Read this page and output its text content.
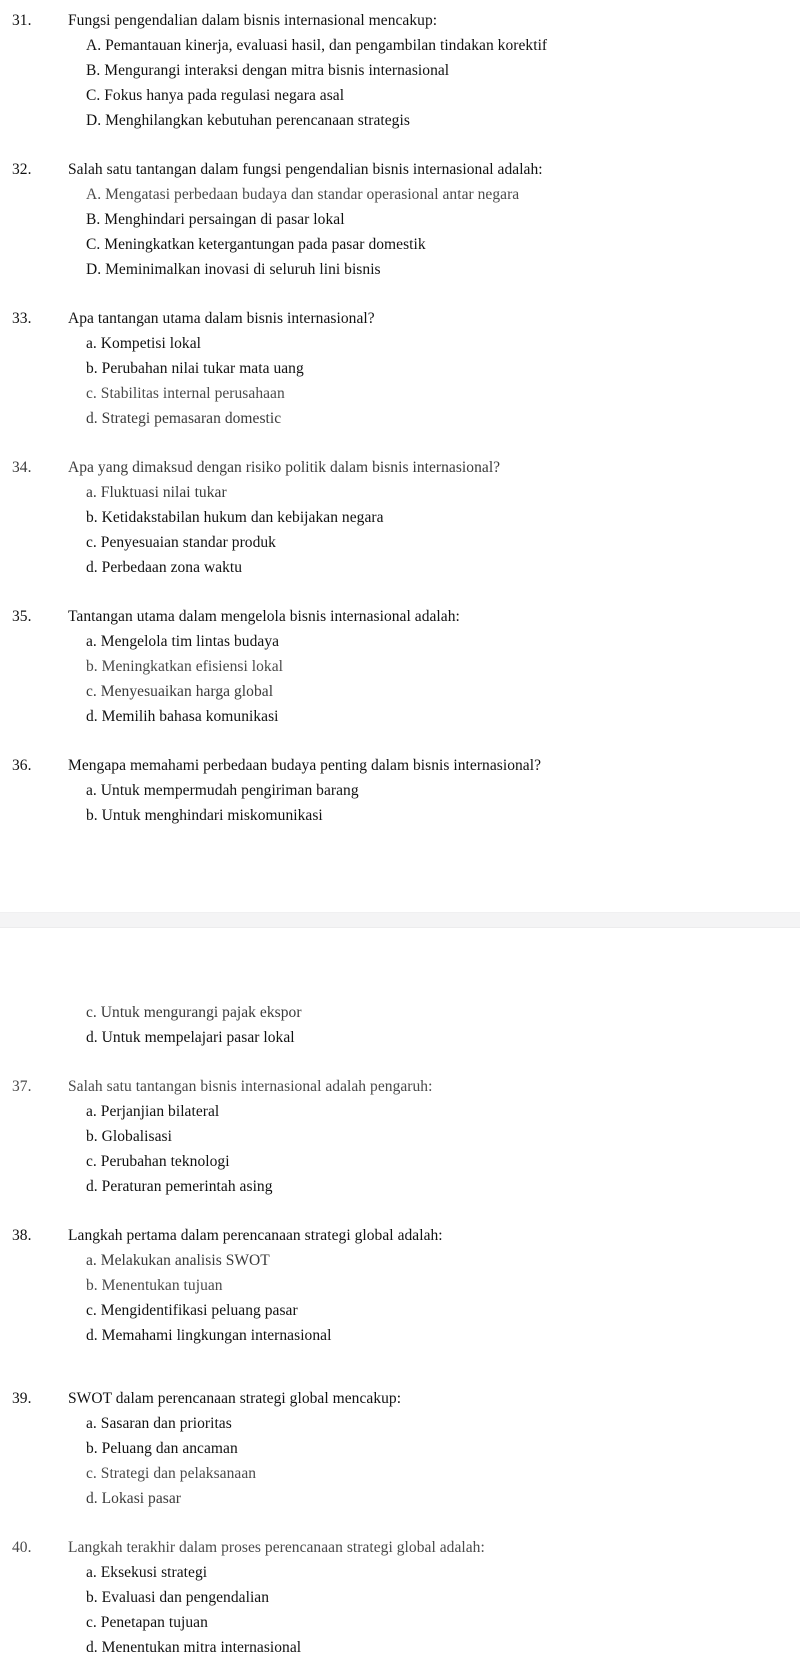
31. Fungsi pengendalian dalam bisnis internasional mencakup:
A. Pemantauan kinerja, evaluasi hasil, dan pengambilan tindakan korektif
B. Mengurangi interaksi dengan mitra bisnis internasional
C. Fokus hanya pada regulasi negara asal
D. Menghilangkan kebutuhan perencanaan strategis
32. Salah satu tantangan dalam fungsi pengendalian bisnis internasional adalah:
A. Mengatasi perbedaan budaya dan standar operasional antar negara
B. Menghindari persaingan di pasar lokal
C. Meningkatkan ketergantungan pada pasar domestik
D. Meminimalkan inovasi di seluruh lini bisnis
33. Apa tantangan utama dalam bisnis internasional?
a. Kompetisi lokal
b. Perubahan nilai tukar mata uang
c. Stabilitas internal perusahaan
d. Strategi pemasaran domestic
34. Apa yang dimaksud dengan risiko politik dalam bisnis internasional?
a. Fluktuasi nilai tukar
b. Ketidakstabilan hukum dan kebijakan negara
c. Penyesuaian standar produk
d. Perbedaan zona waktu
35. Tantangan utama dalam mengelola bisnis internasional adalah:
a. Mengelola tim lintas budaya
b. Meningkatkan efisiensi lokal
c. Menyesuaikan harga global
d. Memilih bahasa komunikasi
36. Mengapa memahami perbedaan budaya penting dalam bisnis internasional?
a. Untuk mempermudah pengiriman barang
b. Untuk menghindari miskomunikasi
c. Untuk mengurangi pajak ekspor
d. Untuk mempelajari pasar lokal
37. Salah satu tantangan bisnis internasional adalah pengaruh:
a. Perjanjian bilateral
b. Globalisasi
c. Perubahan teknologi
d. Peraturan pemerintah asing
38. Langkah pertama dalam perencanaan strategi global adalah:
a. Melakukan analisis SWOT
b. Menentukan tujuan
c. Mengidentifikasi peluang pasar
d. Memahami lingkungan internasional
39. SWOT dalam perencanaan strategi global mencakup:
a. Sasaran dan prioritas
b. Peluang dan ancaman
c. Strategi dan pelaksanaan
d. Lokasi pasar
40. Langkah terakhir dalam proses perencanaan strategi global adalah:
a. Eksekusi strategi
b. Evaluasi dan pengendalian
c. Penetapan tujuan
d. Menentukan mitra internasional
